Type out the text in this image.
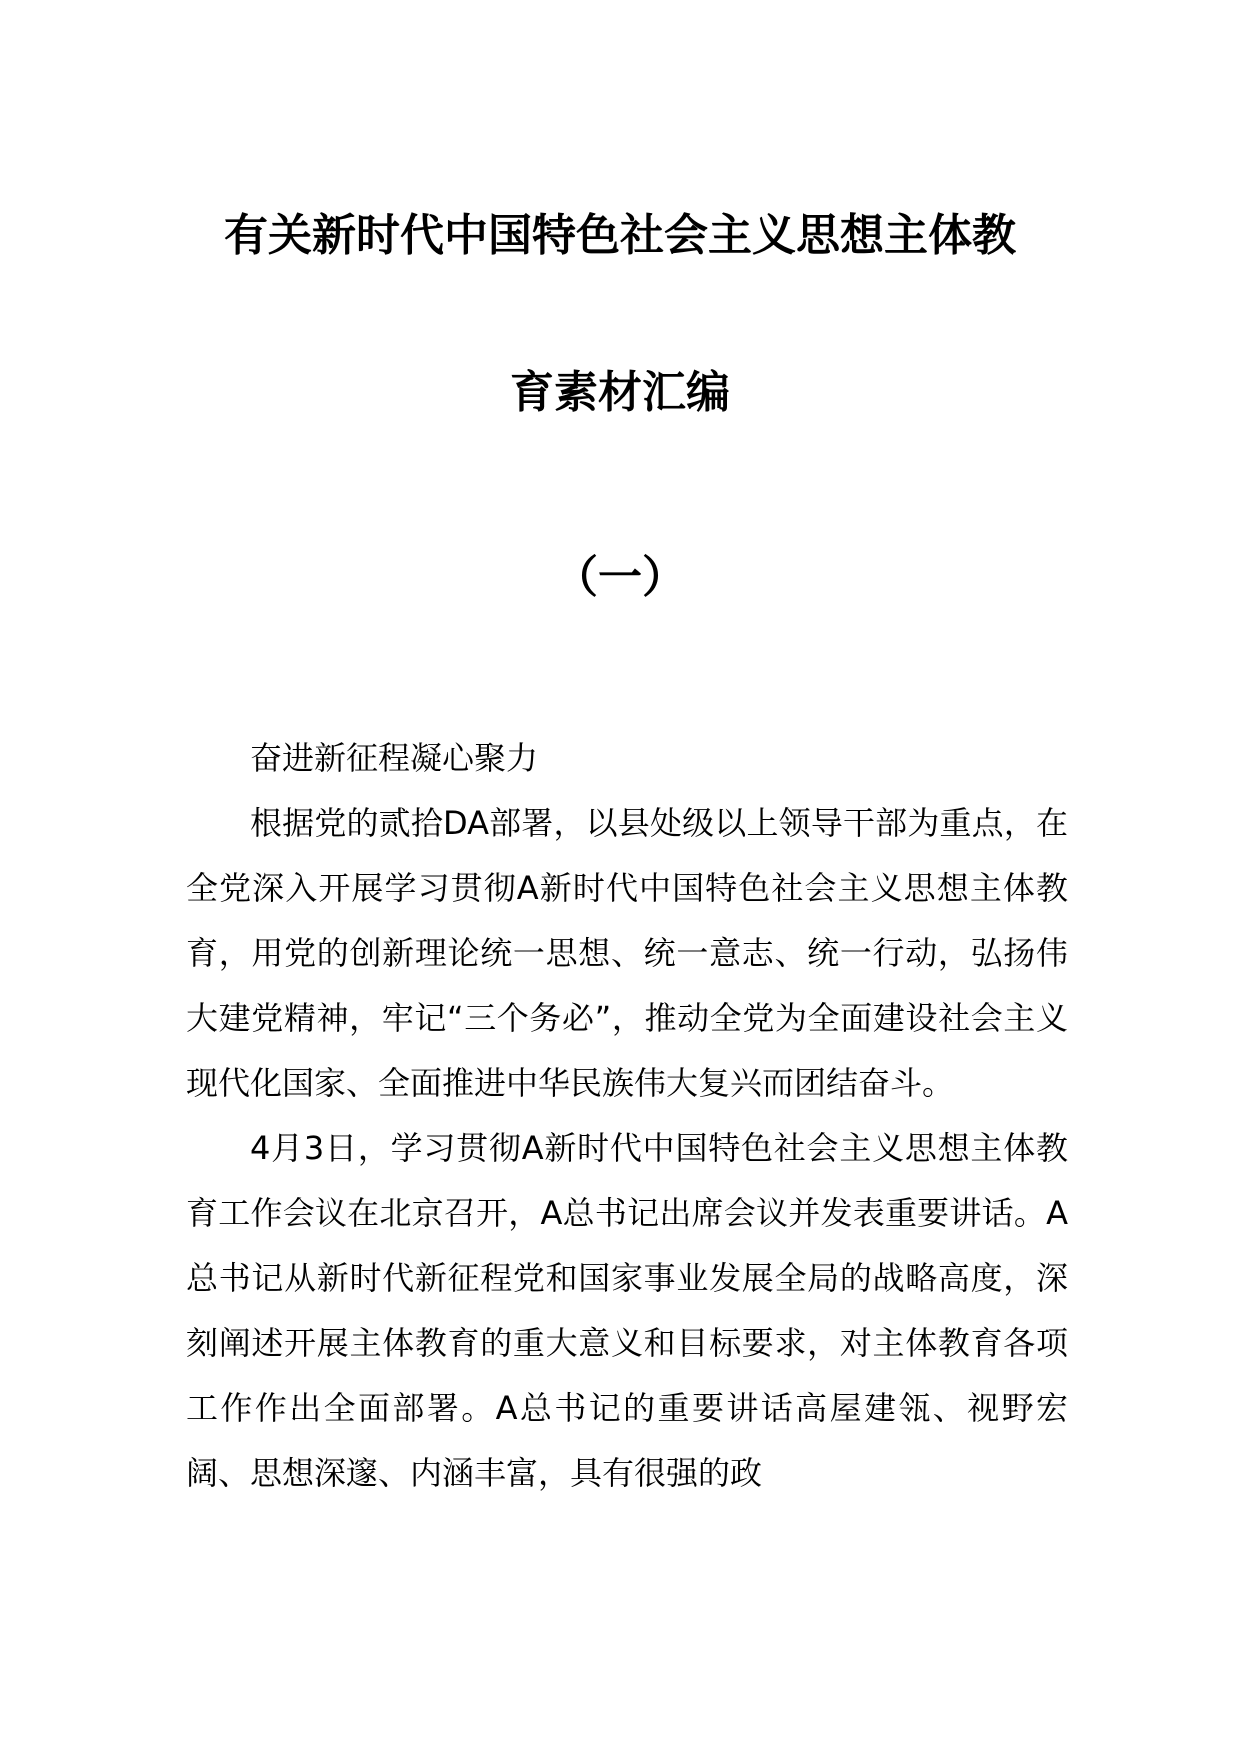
有关新时代中国特色社会主义思想主体教
育素材汇编
（一）

奋进新征程凝心聚力

根据党的贰拾DA部署，以县处级以上领导干部为重点，在全党深入开展学习贯彻A新时代中国特色社会主义思想主体教育，用党的创新理论统一思想、统一意志、统一行动，弘扬伟大建党精神，牢记“三个务必”，推动全党为全面建设社会主义现代化国家、全面推进中华民族伟大复兴而团结奋斗。

4月3日，学习贯彻A新时代中国特色社会主义思想主体教育工作会议在北京召开，A总书记出席会议并发表重要讲话。A总书记从新时代新征程党和国家事业发展全局的战略高度，深刻阐述开展主体教育的重大意义和目标要求，对主体教育各项工作作出全面部署。A总书记的重要讲话高屋建瓴、视野宏阔、思想深邃、内涵丰富，具有很强的政
